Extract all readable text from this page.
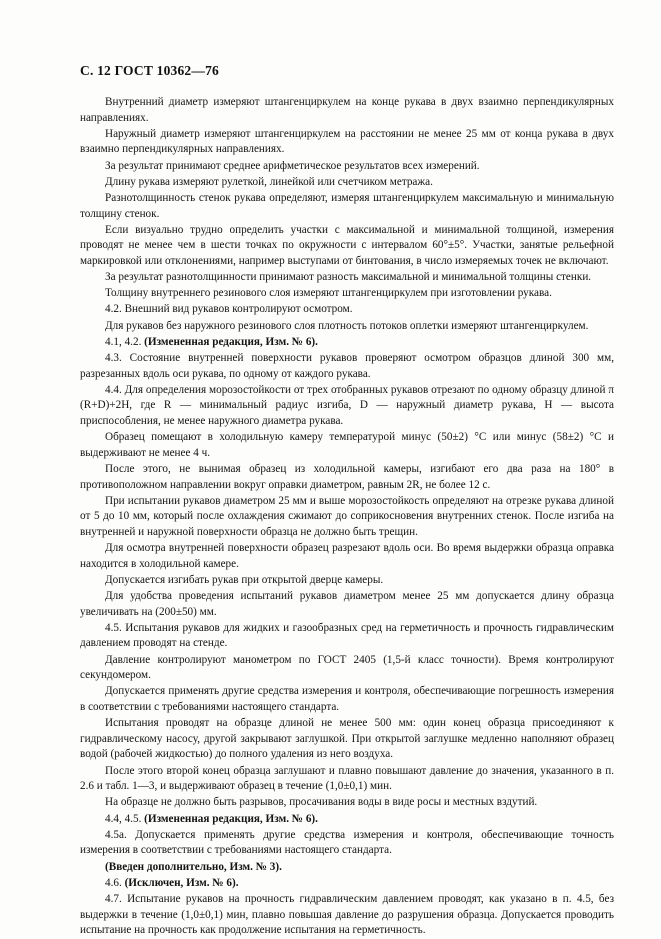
С. 12 ГОСТ 10362—76

Внутренний диаметр измеряют штангенциркулем на конце рукава в двух взаимно перпендикулярных направлениях.

Наружный диаметр измеряют штангенциркулем на расстоянии не менее 25 мм от конца рукава в двух взаимно перпендикулярных направлениях.

За результат принимают среднее арифметическое результатов всех измерений.

Длину рукава измеряют рулеткой, линейкой или счетчиком метража.

Разнотолщинность стенок рукава определяют, измеряя штангенциркулем максимальную и минимальную толщину стенок.

Если визуально трудно определить участки с максимальной и минимальной толщиной, измерения проводят не менее чем в шести точках по окружности с интервалом 60°±5°. Участки, занятые рельефной маркировкой или отклонениями, например выступами от бинтования, в число измеряемых точек не включают.

За результат разнотолщинности принимают разность максимальной и минимальной толщины стенки.

Толщину внутреннего резинового слоя измеряют штангенциркулем при изготовлении рукава.

4.2. Внешний вид рукавов контролируют осмотром.

Для рукавов без наружного резинового слоя плотность потоков оплетки измеряют штангенциркулем.

4.1, 4.2. (Измененная редакция, Изм. № 6).

4.3. Состояние внутренней поверхности рукавов проверяют осмотром образцов длиной 300 мм, разрезанных вдоль оси рукава, по одному от каждого рукава.

4.4. Для определения морозостойкости от трех отобранных рукавов отрезают по одному образцу длиной π (R+D)+2H, где R — минимальный радиус изгиба, D — наружный диаметр рукава, H — высота приспособления, не менее наружного диаметра рукава.

Образец помещают в холодильную камеру температурой минус (50±2) °С или минус (58±2) °С и выдерживают не менее 4 ч.

После этого, не вынимая образец из холодильной камеры, изгибают его два раза на 180° в противоположном направлении вокруг оправки диаметром, равным 2R, не более 12 с.

При испытании рукавов диаметром 25 мм и выше морозостойкость определяют на отрезке рукава длиной от 5 до 10 мм, который после охлаждения сжимают до соприкосновения внутренних стенок. После изгиба на внутренней и наружной поверхности образца не должно быть трещин.

Для осмотра внутренней поверхности образец разрезают вдоль оси. Во время выдержки образца оправка находится в холодильной камере.

Допускается изгибать рукав при открытой дверце камеры.

Для удобства проведения испытаний рукавов диаметром менее 25 мм допускается длину образца увеличивать на (200±50) мм.

4.5. Испытания рукавов для жидких и газообразных сред на герметичность и прочность гидравлическим давлением проводят на стенде.

Давление контролируют манометром по ГОСТ 2405 (1,5-й класс точности). Время контролируют секундомером.

Допускается применять другие средства измерения и контроля, обеспечивающие погрешность измерения в соответствии с требованиями настоящего стандарта.

Испытания проводят на образце длиной не менее 500 мм: один конец образца присоединяют к гидравлическому насосу, другой закрывают заглушкой. При открытой заглушке медленно наполняют образец водой (рабочей жидкостью) до полного удаления из него воздуха.

После этого второй конец образца заглушают и плавно повышают давление до значения, указанного в п. 2.6 и табл. 1—3, и выдерживают образец в течение (1,0±0,1) мин.

На образце не должно быть разрывов, просачивания воды в виде росы и местных вздутий.

4.4, 4.5. (Измененная редакция, Изм. № 6).

4.5а. Допускается применять другие средства измерения и контроля, обеспечивающие точность измерения в соответствии с требованиями настоящего стандарта.

(Введен дополнительно, Изм. № 3).

4.6. (Исключен, Изм. № 6).

4.7. Испытание рукавов на прочность гидравлическим давлением проводят, как указано в п. 4.5, без выдержки в течение (1,0±0,1) мин, плавно повышая давление до разрушения образца. Допускается проводить испытание на прочность как продолжение испытания на герметичность.
